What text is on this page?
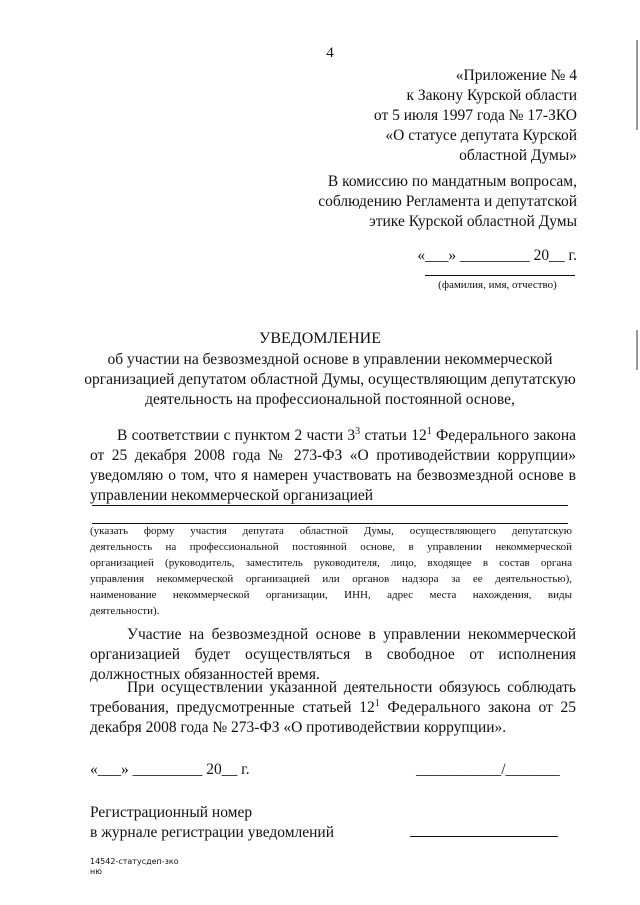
4
«Приложение № 4
к Закону Курской области
от 5 июля 1997 года № 17-ЗКО
«О статусе депутата Курской
областной Думы»
В комиссию по мандатным вопросам,
соблюдению Регламента и депутатской
этике Курской областной Думы
«___» _________ 20__ г.
(фамилия, имя, отчество)
УВЕДОМЛЕНИЕ
об участии на безвозмездной основе в управлении некоммерческой
организацией депутатом областной Думы, осуществляющим депутатскую
деятельность на профессиональной постоянной основе,
В соответствии с пунктом 2 части $3^3$ статьи $12^1$ Федерального закона
от 25 декабря 2008 года № 273-ФЗ «О противодействии коррупции»
уведомляю о том, что я намерен участвовать на безвозмездной основе в
управлении некоммерческой организацией
(указать форму участия депутата областной Думы, осуществляющего депутатскую
деятельность на профессиональной постоянной основе, в управлении некоммерческой
организацией (руководитель, заместитель руководителя, лицо, входящее в состав органа
управления некоммерческой организацией или органов надзора за ее деятельностью),
наименование некоммерческой организации, ИНН, адрес места нахождения, виды
деятельности).
Участие на безвозмездной основе в управлении некоммерческой
организацией будет осуществляться в свободное от исполнения
должностных обязанностей время.
При осуществлении указанной деятельности обязуюсь соблюдать
требования, предусмотренные статьей $12^1$ Федерального закона от 25
декабря 2008 года № 273-ФЗ «О противодействии коррупции».
«___» _________ 20__ г.	___________/_______
Регистрационный номер
в журнале регистрации уведомлений
14542-статусдеп-зко
ню
